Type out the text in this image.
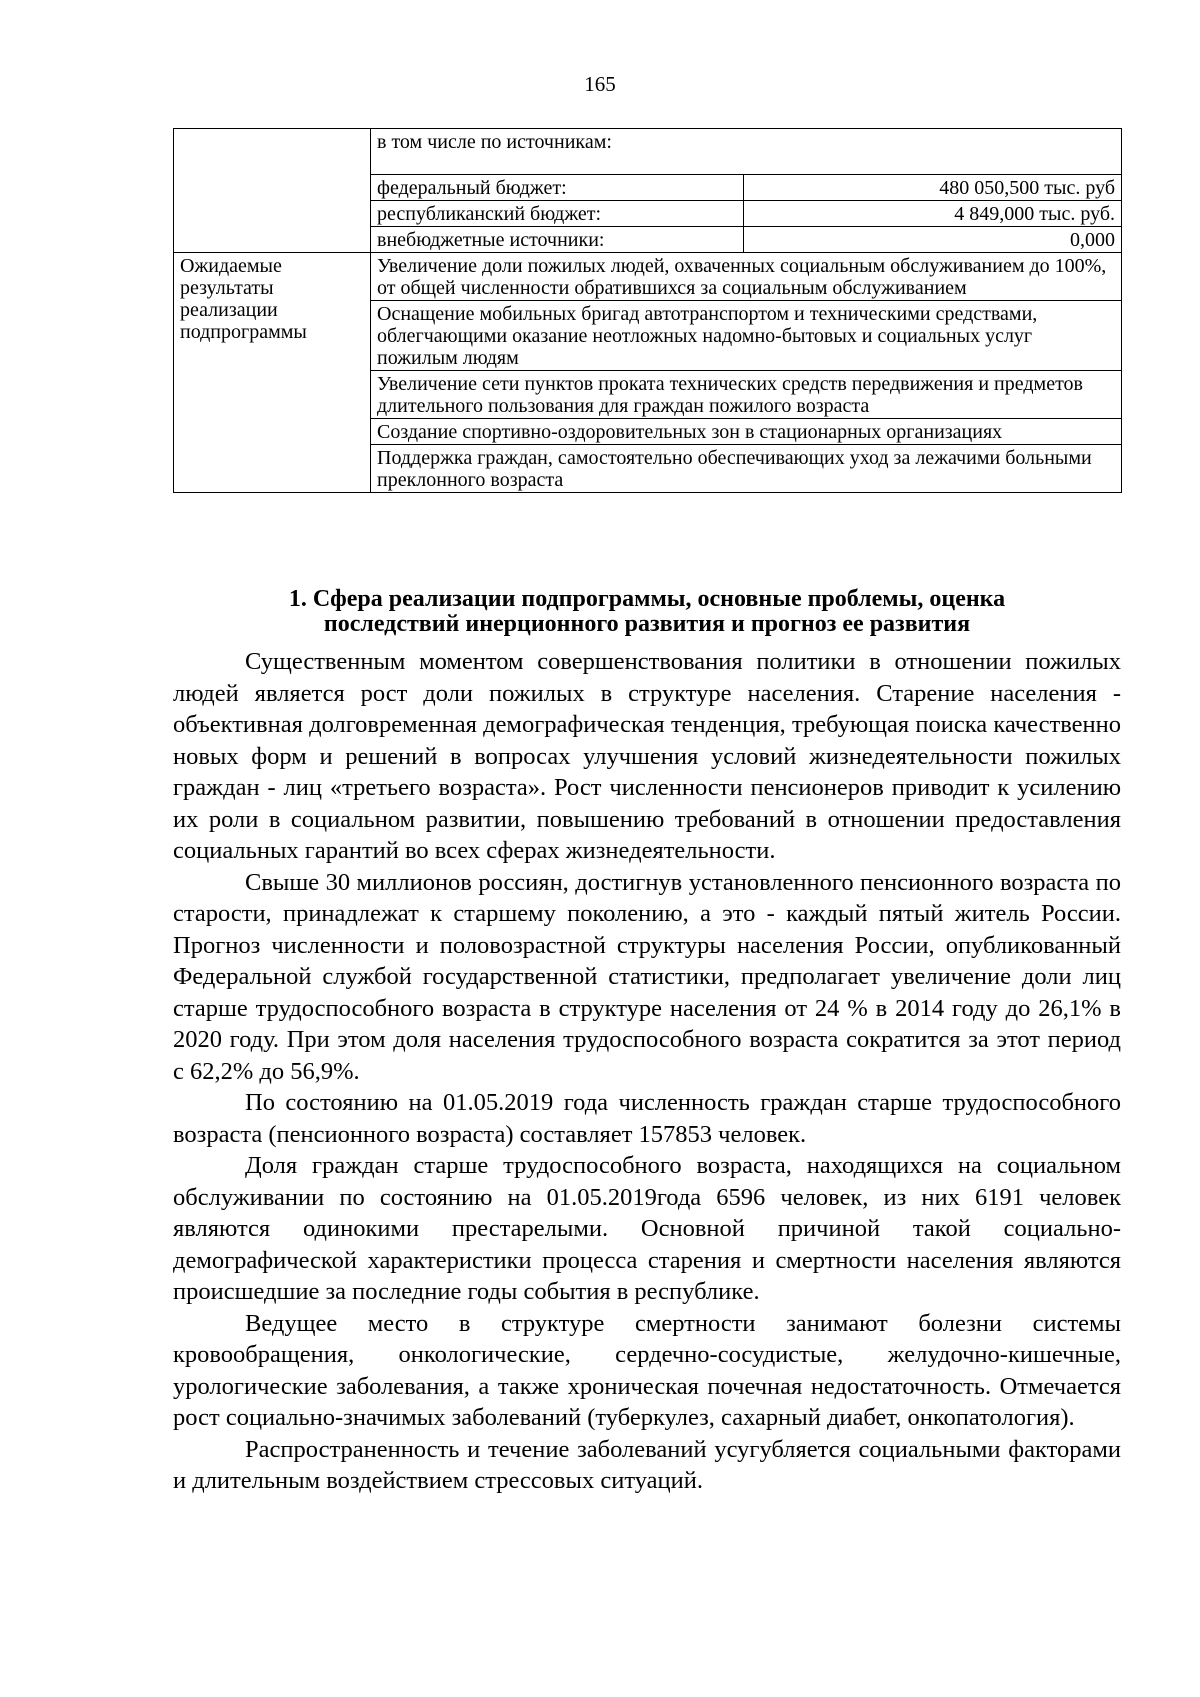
165
	в том числе по источникам:	
	федеральный бюджет:	480 050,500 тыс. руб
	республиканский бюджет:	4 849,000 тыс. руб.
	внебюджетные источники:	0,000
Ожидаемые результаты реализации подпрограммы	Увеличение доли пожилых людей, охваченных социальным обслуживанием до 100%, от общей численности обратившихся за социальным обслуживанием	
	Оснащение мобильных бригад автотранспортом и техническими средствами, облегчающими оказание неотложных надомно-бытовых и социальных услуг пожилым людям	
	Увеличение сети пунктов проката технических средств передвижения и предметов длительного пользования для граждан пожилого возраста	
	Создание спортивно-оздоровительных зон в стационарных организациях	
	Поддержка граждан, самостоятельно обеспечивающих уход за лежачими больными преклонного возраста	
1. Сфера реализации подпрограммы, основные проблемы, оценка
последствий инерционного развития и прогноз ее развития

Существенным моментом совершенствования политики в отношении пожилых людей является рост доли пожилых в структуре населения. Старение населения - объективная долговременная демографическая тенденция, требующая поиска качественно новых форм и решений в вопросах улучшения условий жизнедеятельности пожилых граждан - лиц «третьего возраста». Рост численности пенсионеров приводит к усилению их роли в социальном развитии, повышению требований в отношении предоставления социальных гарантий во всех сферах жизнедеятельности.

Свыше 30 миллионов россиян, достигнув установленного пенсионного возраста по старости, принадлежат к старшему поколению, а это - каждый пятый житель России. Прогноз численности и половозрастной структуры населения России, опубликованный Федеральной службой государственной статистики, предполагает увеличение доли лиц старше трудоспособного возраста в структуре населения от 24 % в 2014 году до 26,1% в 2020 году. При этом доля населения трудоспособного возраста сократится за этот период с 62,2% до 56,9%.

По состоянию на 01.05.2019 года численность граждан старше трудоспособного возраста (пенсионного возраста) составляет 157853 человек.

Доля граждан старше трудоспособного возраста, находящихся на социальном обслуживании по состоянию на 01.05.2019года 6596 человек, из них 6191 человек являются одинокими престарелыми. Основной причиной такой социально-демографической характеристики процесса старения и смертности населения являются происшедшие за последние годы события в республике.

Ведущее место в структуре смертности занимают болезни системы кровообращения, онкологические, сердечно-сосудистые, желудочно-кишечные, урологические заболевания, а также хроническая почечная недостаточность. Отмечается рост социально-значимых заболеваний (туберкулез, сахарный диабет, онкопатология).

Распространенность и течение заболеваний усугубляется социальными факторами и длительным воздействием стрессовых ситуаций.
